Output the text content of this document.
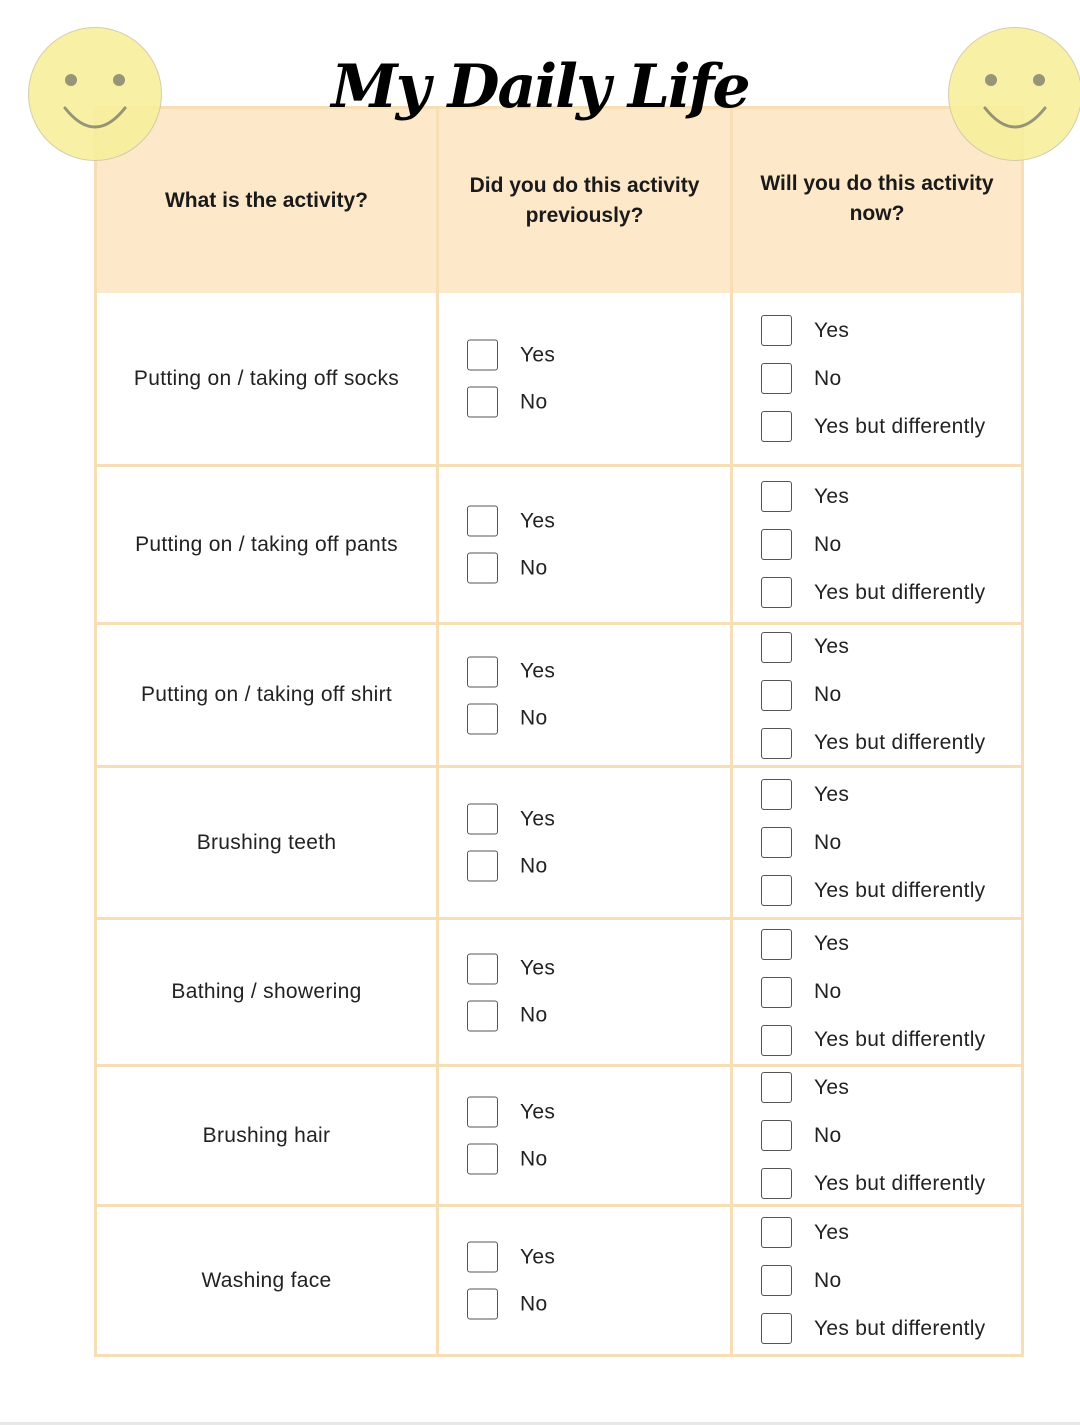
My Daily Life
What is the activity?
Did you do this activity previously?
Will you do this activity now?
Putting on / taking off socks
Yes
No
Yes
No
Yes but differently
Putting on / taking off pants
Yes
No
Yes
No
Yes but differently
Putting on / taking off shirt
Yes
No
Yes
No
Yes but differently
Brushing teeth
Yes
No
Yes
No
Yes but differently
Bathing / showering
Yes
No
Yes
No
Yes but differently
Brushing hair
Yes
No
Yes
No
Yes but differently
Washing face
Yes
No
Yes
No
Yes but differently
